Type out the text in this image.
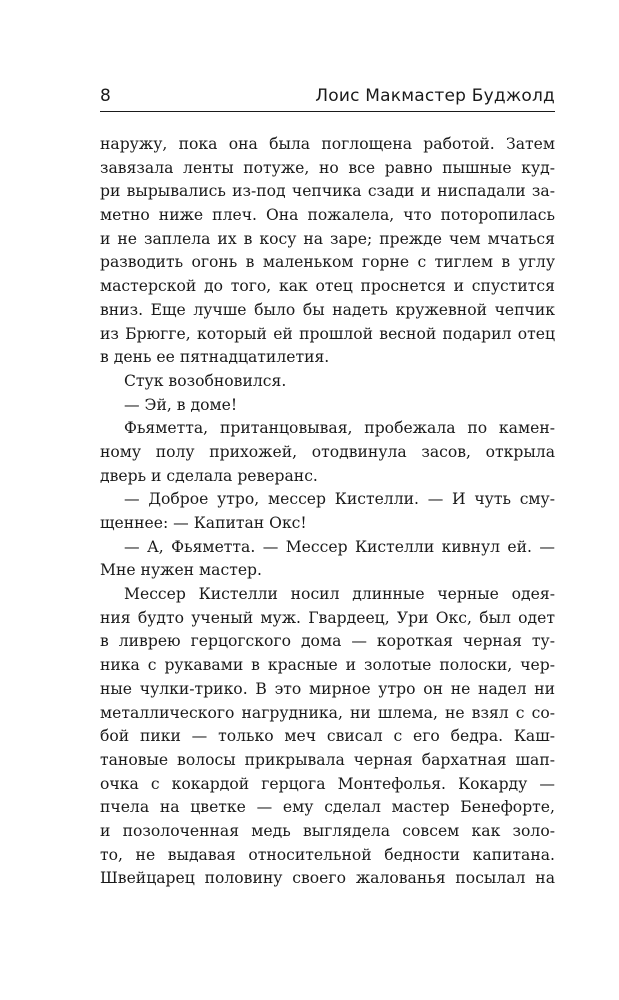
8	Лоис Макмастер Буджолд
наружу, пока она была поглощена работой. Затем
завязала ленты потуже, но все равно пышные куд-
ри вырывались из-под чепчика сзади и ниспадали за-
метно ниже плеч. Она пожалела, что поторопилась
и не заплела их в косу на заре; прежде чем мчаться
разводить огонь в маленьком горне с тиглем в углу
мастерской до того, как отец проснется и спустится
вниз. Еще лучше было бы надеть кружевной чепчик
из Брюгге, который ей прошлой весной подарил отец
в день ее пятнадцатилетия.
Стук возобновился.
— Эй, в доме!
Фьяметта, пританцовывая, пробежала по камен-
ному полу прихожей, отодвинула засов, открыла
дверь и сделала реверанс.
— Доброе утро, мессер Кистелли. — И чуть сму-
щеннее: — Капитан Окс!
— А, Фьяметта. — Мессер Кистелли кивнул ей. —
Мне нужен мастер.
Мессер Кистелли носил длинные черные одея-
ния будто ученый муж. Гвардеец, Ури Окс, был одет
в ливрею герцогского дома — короткая черная ту-
ника с рукавами в красные и золотые полоски, чер-
ные чулки-трико. В это мирное утро он не надел ни
металлического нагрудника, ни шлема, не взял с со-
бой пики — только меч свисал с его бедра. Каш-
тановые волосы прикрывала черная бархатная шап-
очка с кокардой герцога Монтефолья. Кокарду —
пчела на цветке — ему сделал мастер Бенефорте,
и позолоченная медь выглядела совсем как золо-
то, не выдавая относительной бедности капитана.
Швейцарец половину своего жалованья посылал на
